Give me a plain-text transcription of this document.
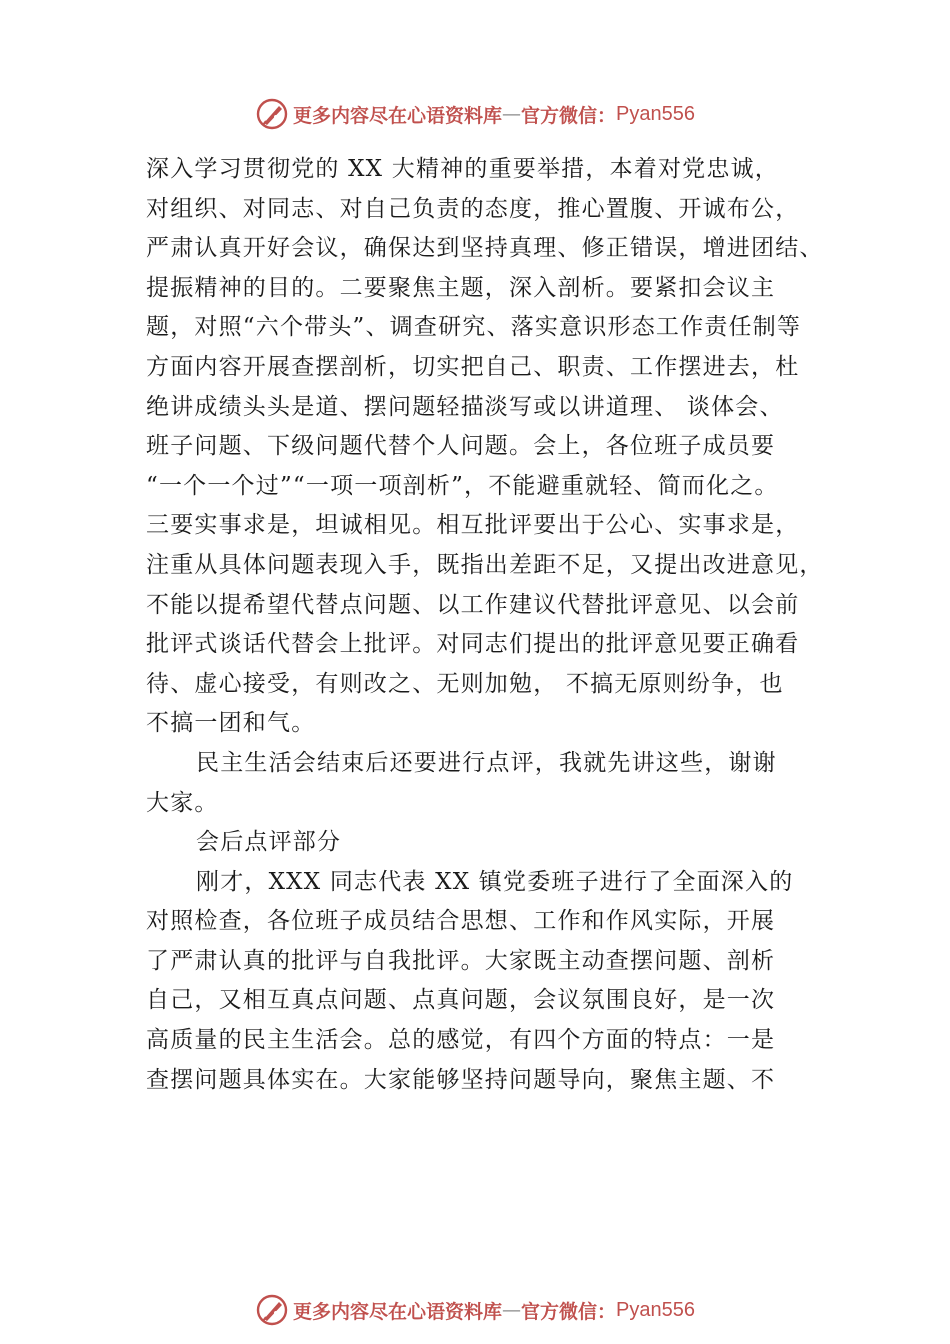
更多内容尽在心语资料库 — 官方微信： Pyan556
深入学习贯彻党的 XX 大精神的重要举措，本着对党忠诚，
对组织、对同志、对自己负责的态度，推心置腹、开诚布公，
严肃认真开好会议，确保达到坚持真理、修正错误，增进团结、
提振精神的目的。二要聚焦主题，深入剖析。要紧扣会议主
题，对照“六个带头”、调查研究、落实意识形态工作责任制等
方面内容开展查摆剖析，切实把自己、职责、工作摆进去，杜
绝讲成绩头头是道、摆问题轻描淡写或以讲道理、 谈体会、
班子问题、下级问题代替个人问题。会上，各位班子成员要
“一个一个过”“一项一项剖析”，不能避重就轻、简而化之。
三要实事求是，坦诚相见。相互批评要出于公心、实事求是，
注重从具体问题表现入手，既指出差距不足，又提出改进意见，
不能以提希望代替点问题、以工作建议代替批评意见、以会前
批评式谈话代替会上批评。对同志们提出的批评意见要正确看
待、虚心接受，有则改之、无则加勉， 不搞无原则纷争，也
不搞一团和气。
民主生活会结束后还要进行点评，我就先讲这些，谢谢
大家。
会后点评部分
刚才，XXX 同志代表 XX 镇党委班子进行了全面深入的
对照检查，各位班子成员结合思想、工作和作风实际，开展
了严肃认真的批评与自我批评。大家既主动查摆问题、剖析
自己，又相互真点问题、点真问题，会议氛围良好，是一次
高质量的民主生活会。总的感觉，有四个方面的特点：一是
查摆问题具体实在。大家能够坚持问题导向，聚焦主题、不
更多内容尽在心语资料库 — 官方微信： Pyan556
